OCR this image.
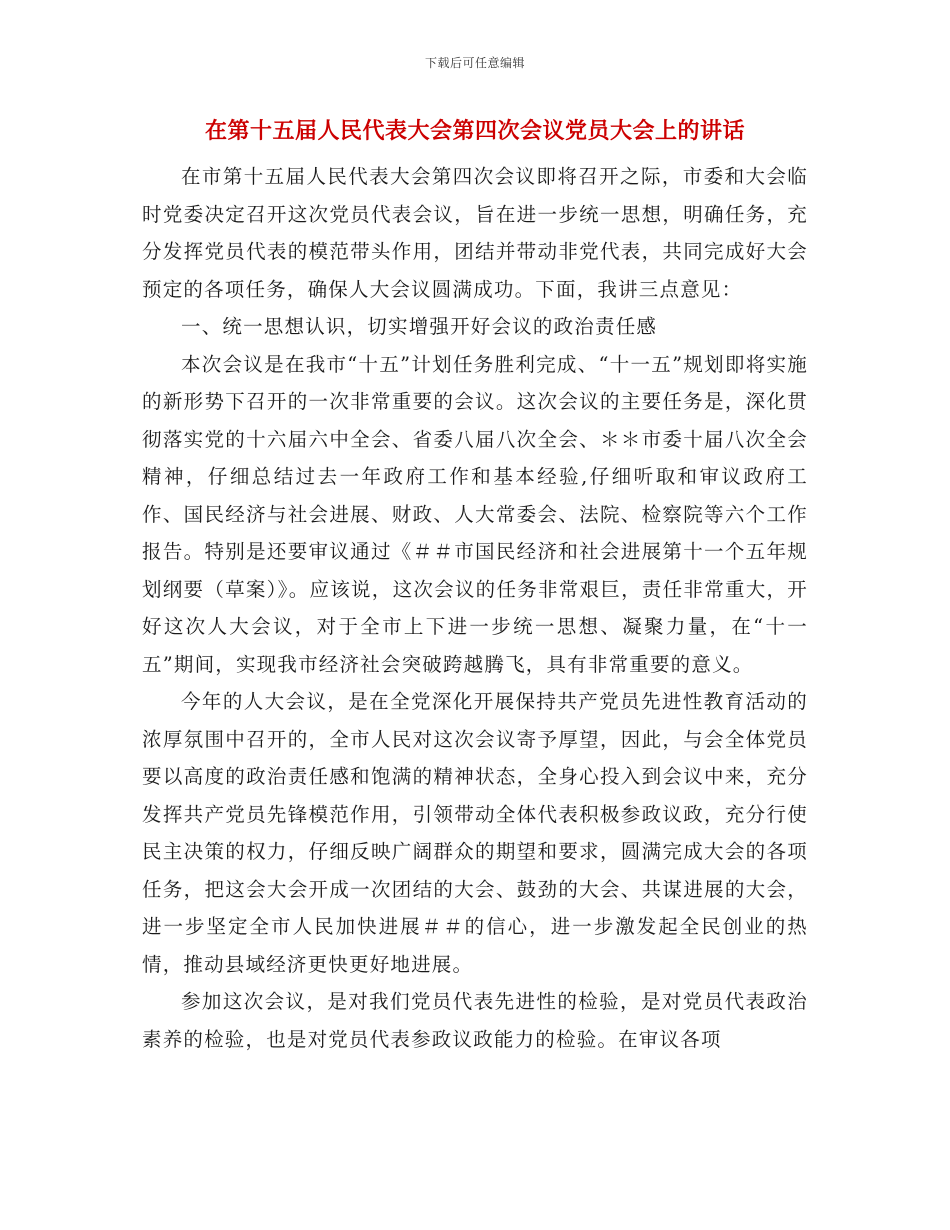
下载后可任意编辑
在第十五届人民代表大会第四次会议党员大会上的讲话

在市第十五届人民代表大会第四次会议即将召开之际，市委和大会临时党委决定召开这次党员代表会议，旨在进一步统一思想，明确任务，充分发挥党员代表的模范带头作用，团结并带动非党代表，共同完成好大会预定的各项任务，确保人大会议圆满成功。下面，我讲三点意见：

一、统一思想认识，切实增强开好会议的政治责任感

本次会议是在我市“十五”计划任务胜利完成、“十一五”规划即将实施的新形势下召开的一次非常重要的会议。这次会议的主要任务是，深化贯彻落实党的十六届六中全会、省委八届八次全会、＊＊市委十届八次全会精神，仔细总结过去一年政府工作和基本经验,仔细听取和审议政府工作、国民经济与社会进展、财政、人大常委会、法院、检察院等六个工作报告。特别是还要审议通过《＃＃市国民经济和社会进展第十一个五年规划纲要（草案）》。应该说，这次会议的任务非常艰巨，责任非常重大，开好这次人大会议，对于全市上下进一步统一思想、凝聚力量，在“十一五”期间，实现我市经济社会突破跨越腾飞，具有非常重要的意义。

今年的人大会议，是在全党深化开展保持共产党员先进性教育活动的浓厚氛围中召开的，全市人民对这次会议寄予厚望，因此，与会全体党员要以高度的政治责任感和饱满的精神状态，全身心投入到会议中来，充分发挥共产党员先锋模范作用，引领带动全体代表积极参政议政，充分行使民主决策的权力，仔细反映广阔群众的期望和要求，圆满完成大会的各项任务，把这会大会开成一次团结的大会、鼓劲的大会、共谋进展的大会，进一步坚定全市人民加快进展＃＃的信心，进一步激发起全民创业的热情，推动县域经济更快更好地进展。

参加这次会议，是对我们党员代表先进性的检验，是对党员代表政治素养的检验，也是对党员代表参政议政能力的检验。在审议各项
